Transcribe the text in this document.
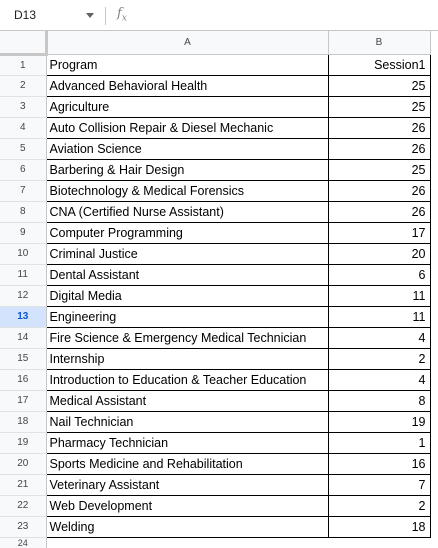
D13	$f_x$
	A	B
1	Program	Session1
2	Advanced Behavioral Health	25
3	Agriculture	25
4	Auto Collision Repair & Diesel Mechanic	26
5	Aviation Science	26
6	Barbering & Hair Design	25
7	Biotechnology & Medical Forensics	26
8	CNA (Certified Nurse Assistant)	26
9	Computer Programming	17
10	Criminal Justice	20
11	Dental Assistant	6
12	Digital Media	11
13	Engineering	11
14	Fire Science & Emergency Medical Technician	4
15	Internship	2
16	Introduction to Education & Teacher Education	4
17	Medical Assistant	8
18	Nail Technician	19
19	Pharmacy Technician	1
20	Sports Medicine and Rehabilitation	16
21	Veterinary Assistant	7
22	Web Development	2
23	Welding	18
24		
